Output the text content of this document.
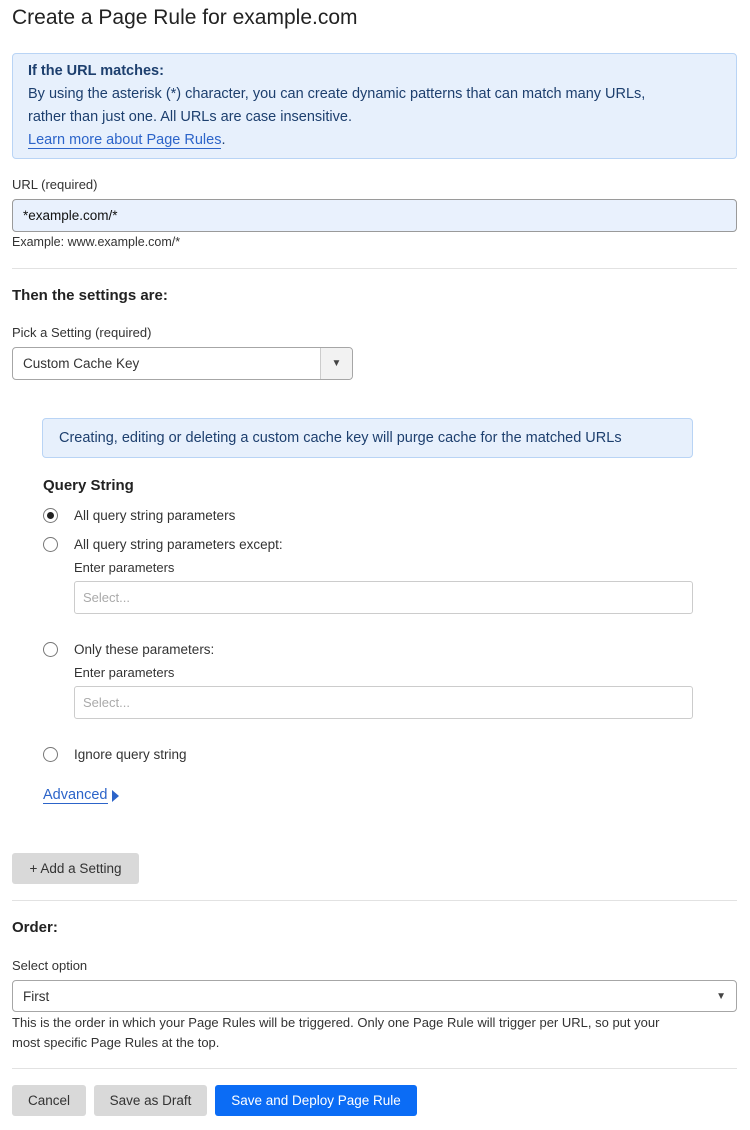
Create a Page Rule for example.com
If the URL matches:
By using the asterisk (*) character, you can create dynamic patterns that can match many URLs,
rather than just one. All URLs are case insensitive.
Learn more about Page Rules.
URL (required)
*example.com/*
Example: www.example.com/*
Then the settings are:
Pick a Setting (required)
Custom Cache Key	▼
Creating, editing or deleting a custom cache key will purge cache for the matched URLs
Query String
All query string parameters
All query string parameters except:
Enter parameters
Select...
Only these parameters:
Enter parameters
Select...
Ignore query string
Advanced
+ Add a Setting
Order:
Select option
First	▼
This is the order in which your Page Rules will be triggered. Only one Page Rule will trigger per URL, so put your
most specific Page Rules at the top.
Cancel	Save as Draft	Save and Deploy Page Rule
